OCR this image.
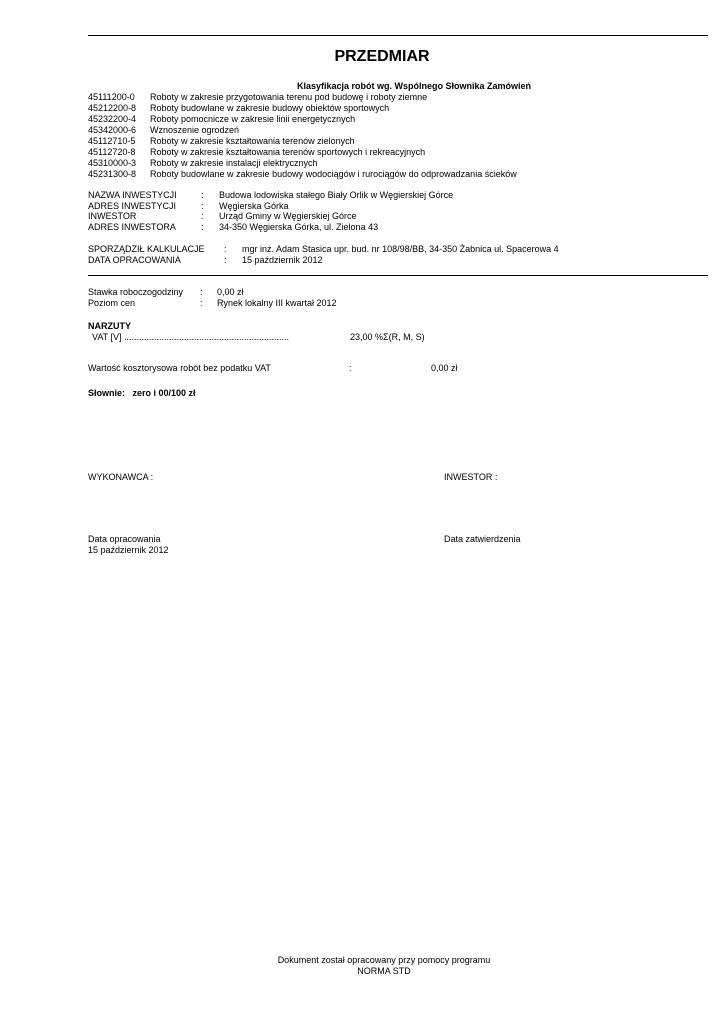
PRZEDMIAR
Klasyfikacja robót wg. Wspólnego Słownika Zamówień
45111200-0 Roboty w zakresie przygotowania terenu pod budowę i roboty ziemne
45212200-8 Roboty budowlane w zakresie budowy obiektów sportowych
45232200-4 Roboty pomocnicze w zakresie linii energetycznych
45342000-6 Wznoszenie ogrodzeń
45112710-5 Roboty w zakresie kształtowania terenów zielonych
45112720-8 Roboty w zakresie kształtowania terenów sportowych i rekreacyjnych
45310000-3 Roboty w zakresie instalacji elektrycznych
45231300-8 Roboty budowlane w zakresie budowy wodociągów i rurociągów do odprowadzania ścieków
NAZWA INWESTYCJI	: Budowa lodowiska stałego Biały Orlik w Węgierskiej Górce
ADRES INWESTYCJI	: Węgierska Górka
INWESTOR	: Urząd Gminy w Węgierskiej Górce
ADRES INWESTORA	: 34-350 Węgierska Górka, ul. Zielona 43
SPORZĄDZIŁ KALKULACJE : mgr inż. Adam Stasica upr. bud. nr 108/98/BB, 34-350 Żabnica ul. Spacerowa 4
DATA OPRACOWANIA	: 15 październik 2012
Stawka roboczogodziny : 0,00 zł
Poziom cen	: Rynek lokalny III kwartał 2012
NARZUTY
VAT [V] ..................................................................	23,00 %Σ(R, M, S)
Wartość kosztorysowa robót bez podatku VAT	:	0,00 zł
Słownie:   zero i 00/100 zł
WYKONAWCA :	INWESTOR :
Data opracowania
15 październik 2012
Data zatwierdzenia
Dokument został opracowany przy pomocy programu
NORMA STD
